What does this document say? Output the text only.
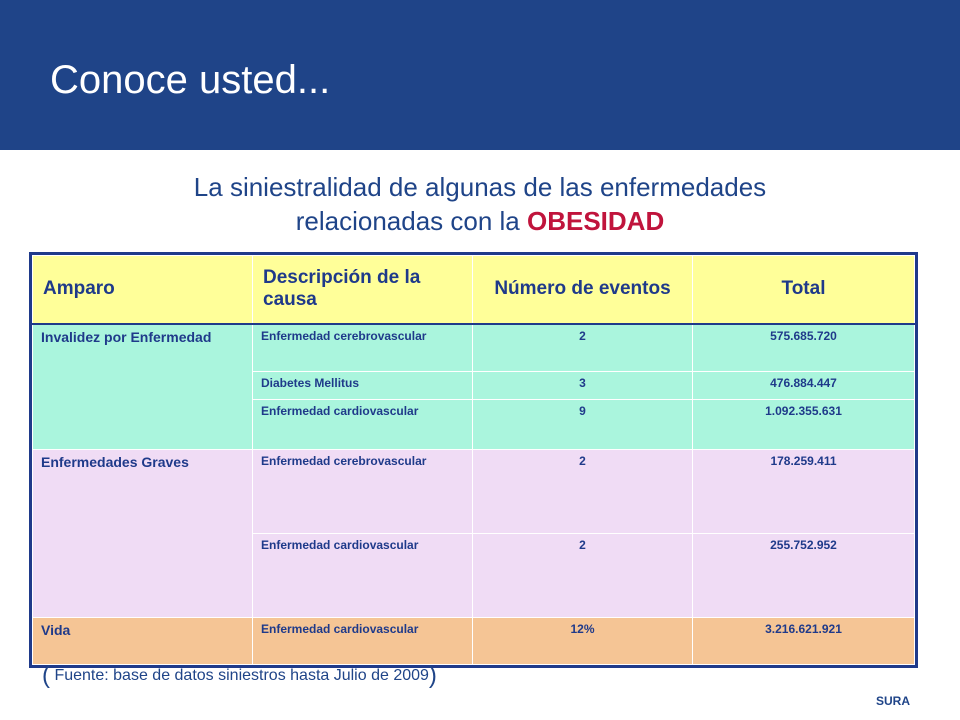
Conoce usted...
La siniestralidad de algunas de las enfermedades
relacionadas con la OBESIDAD
Amparo	Descripción de la causa	Número de eventos	Total
Invalidez por Enfermedad	Enfermedad cerebrovascular	2	575.685.720
	Diabetes Mellitus	3	476.884.447
	Enfermedad cardiovascular	9	1.092.355.631
Enfermedades Graves	Enfermedad cerebrovascular	2	178.259.411
	Enfermedad cardiovascular	2	255.752.952
Vida	Enfermedad cardiovascular	12%	3.216.621.921
( Fuente: base de datos siniestros hasta Julio de 2009)
SURA
